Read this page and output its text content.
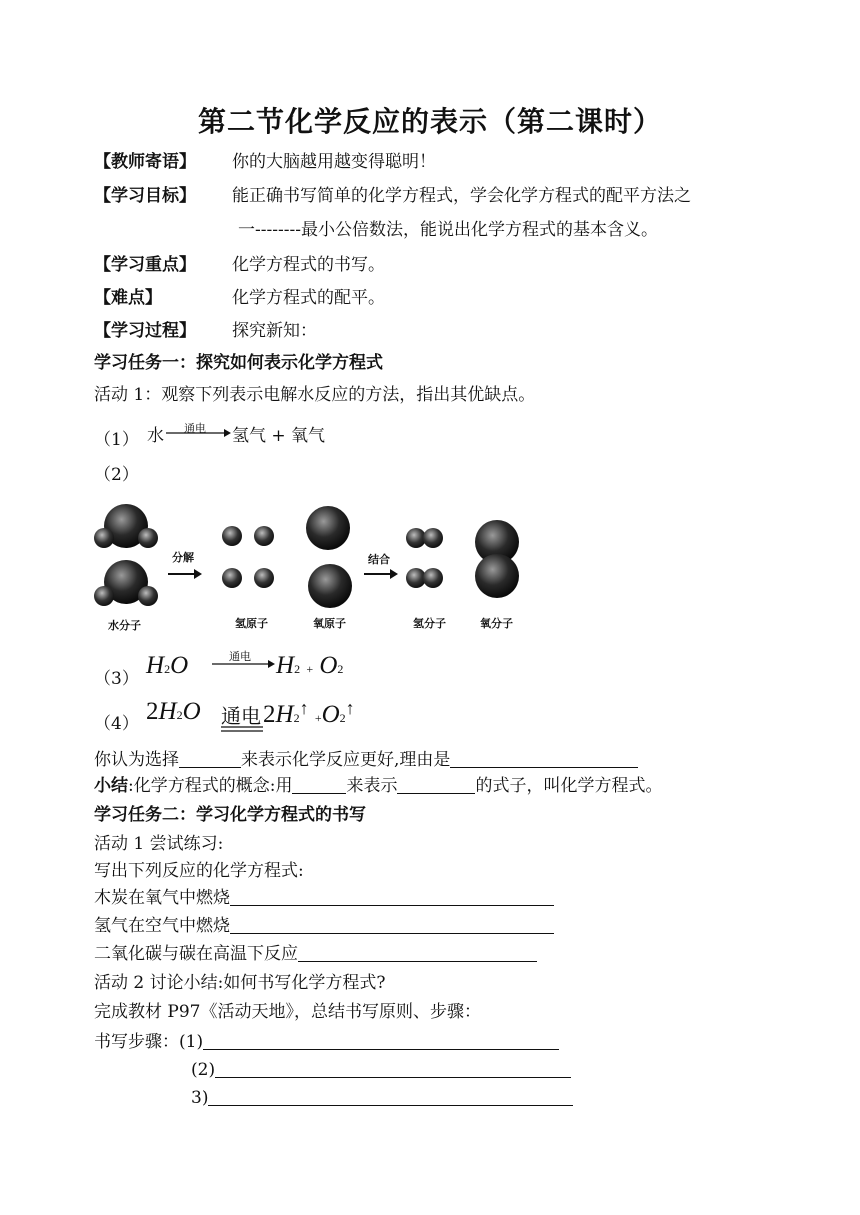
第二节化学反应的表示（第二课时）
【教师寄语】 你的大脑越用越变得聪明！
【学习目标】 能正确书写简单的化学方程式，学会化学方程式的配平方法之
一--------最小公倍数法，能说出化学方程式的基本含义。
【学习重点】 化学方程式的书写。
【难点】	化学方程式的配平。
【学习过程】 探究新知：
学习任务一：探究如何表示化学方程式
活动 1：观察下列表示电解水反应的方法，指出其优缺点。
（1） 水 通电 氢气 + 氧气
（2）
分解	结合
水分子	氢原子	氧原子	氢分子	氧分子
（3） H2O	通电 H2 + O2
（4） 2H2O 通电 2H2↑ +O2↑
你认为选择	来表示化学反应更好,理由是
小结:化学方程式的概念:用	来表示	的式子，叫化学方程式。
学习任务二：学习化学方程式的书写
活动 1 尝试练习:
写出下列反应的化学方程式:
木炭在氧气中燃烧
氢气在空气中燃烧
二氧化碳与碳在高温下反应
活动 2 讨论小结:如何书写化学方程式?
完成教材 P97《活动天地》，总结书写原则、步骤：
书写步骤：(1)
(2)
3)
